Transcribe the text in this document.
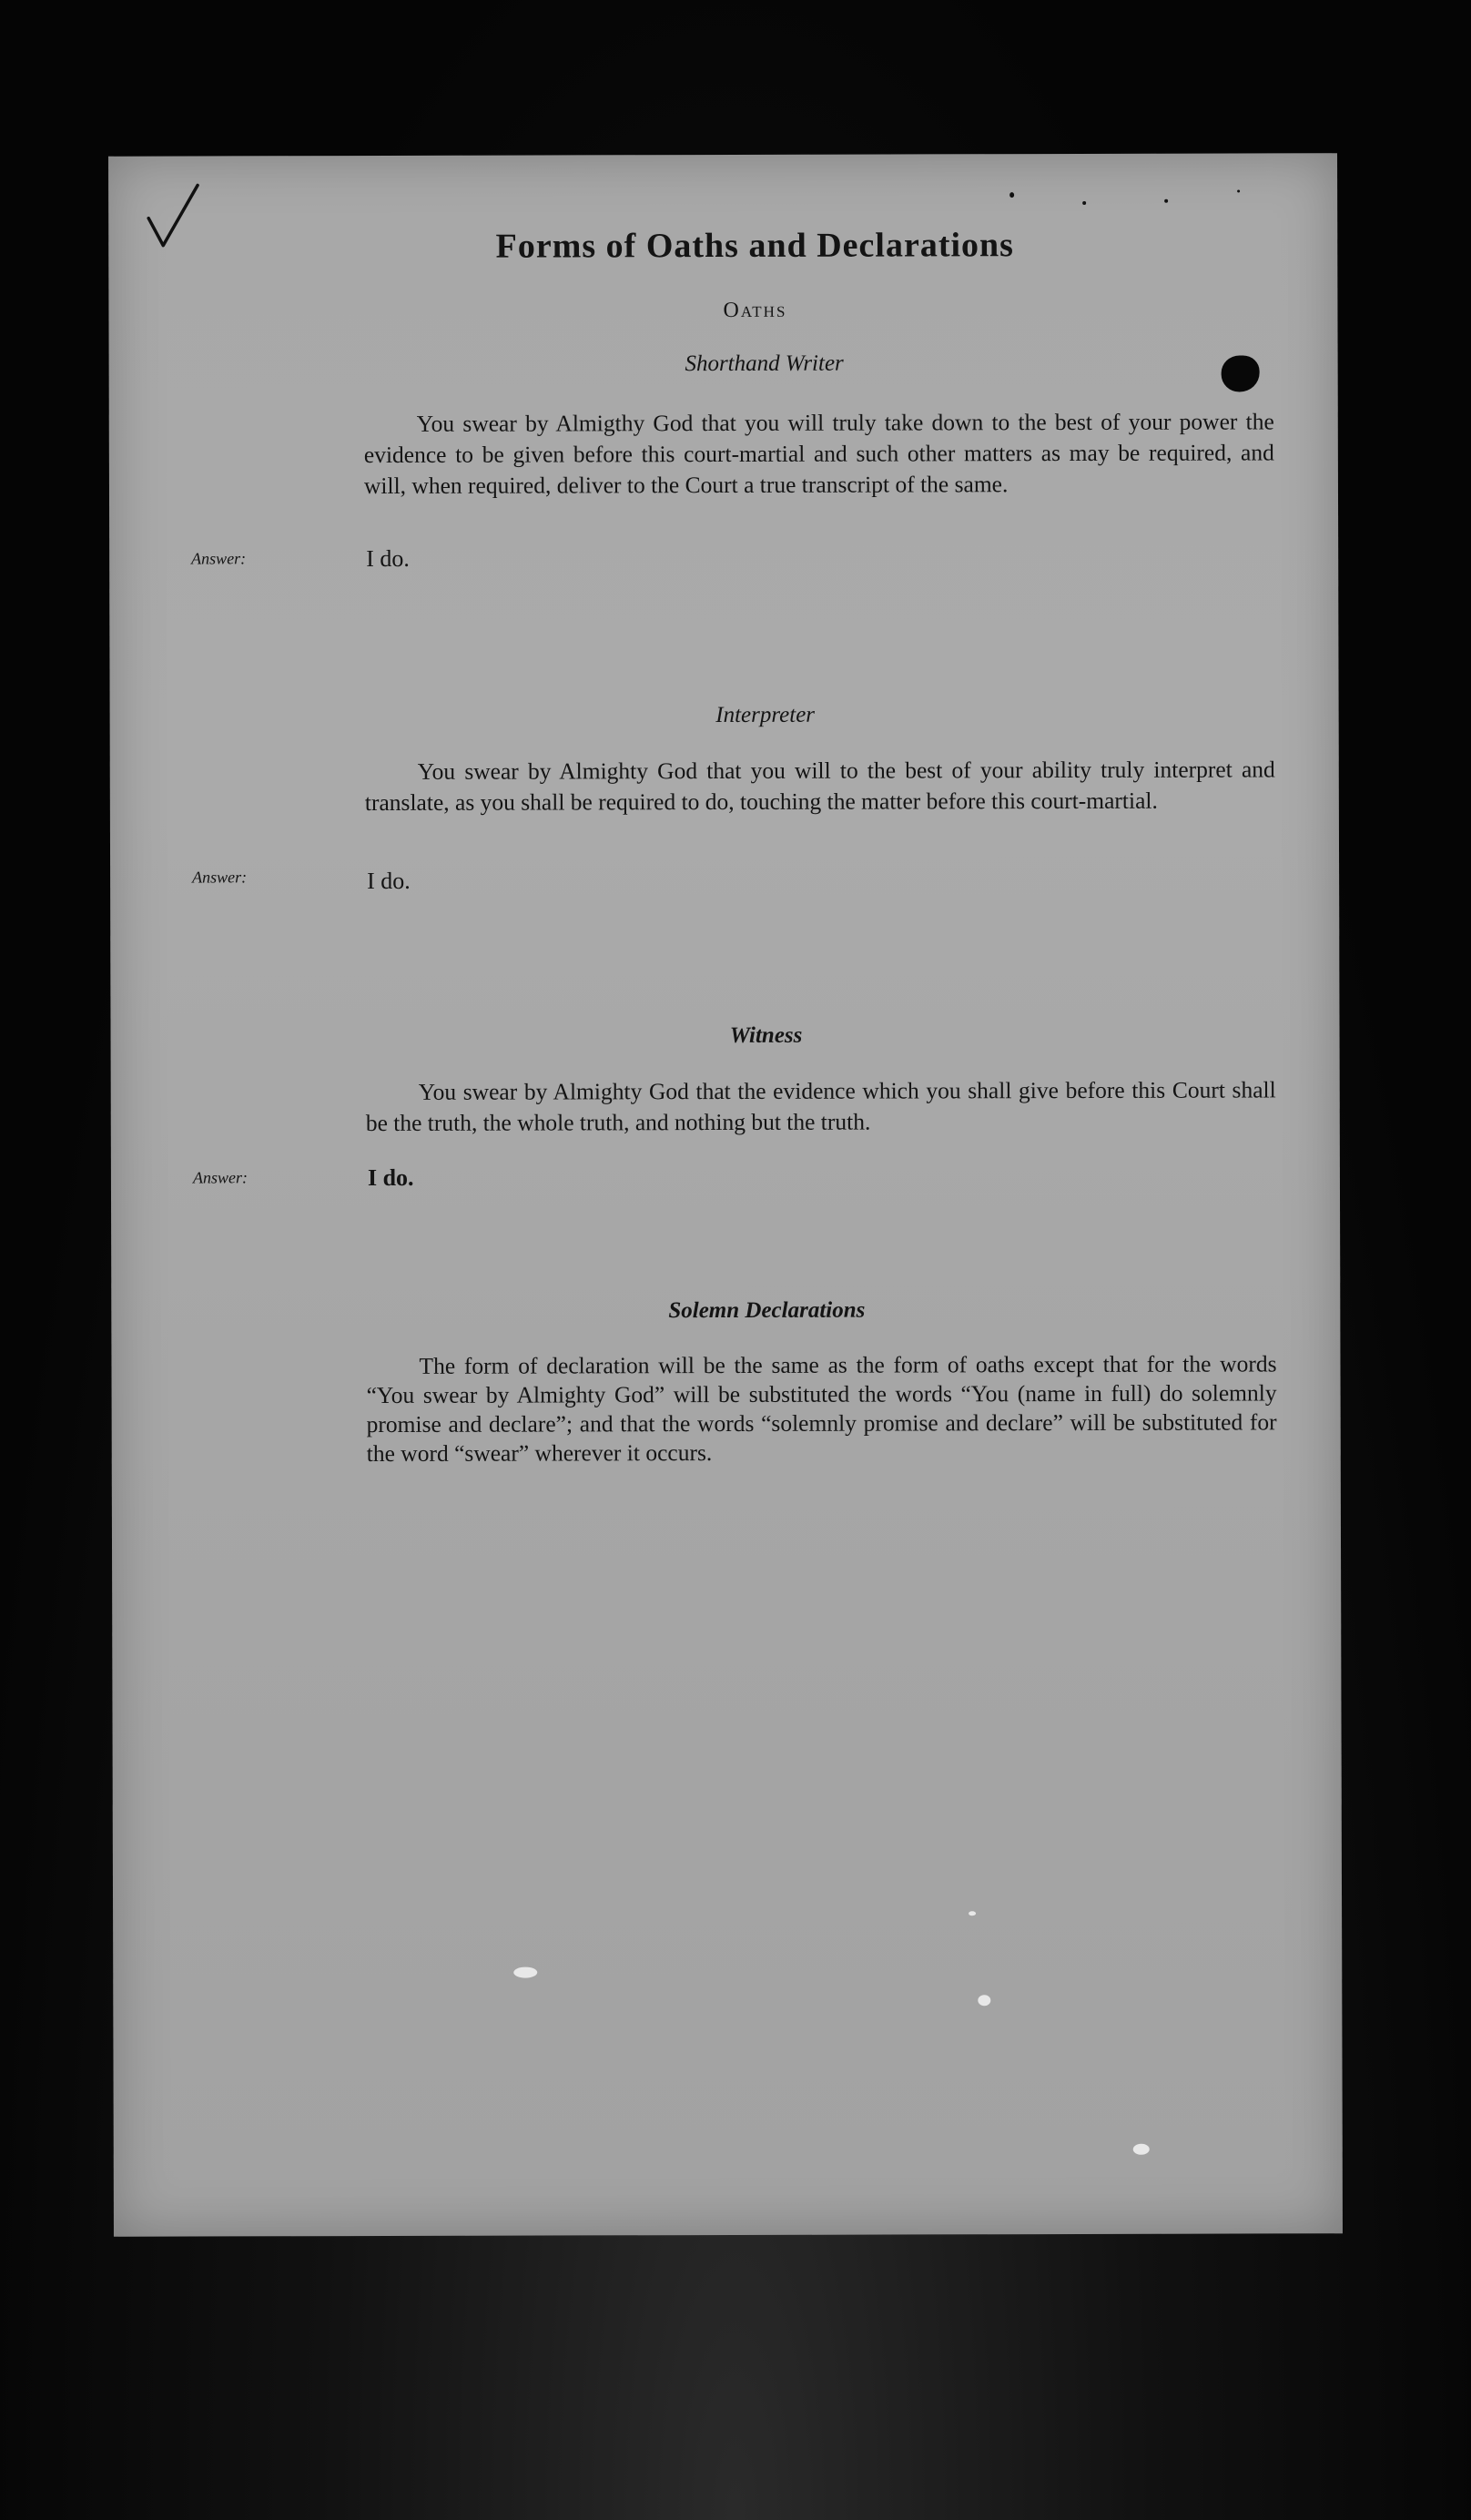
Forms of Oaths and Declarations
Oaths
Shorthand Writer
You swear by Almigthy God that you will truly take down to the best of your power the evidence to be given before this court-martial and such other matters as may be required, and will, when required, deliver to the Court a true transcript of the same.
Answer:	I do.
Interpreter
You swear by Almighty God that you will to the best of your ability truly interpret and translate, as you shall be required to do, touching the matter before this court-martial.
Answer:	I do.
Witness
You swear by Almighty God that the evidence which you shall give before this Court shall be the truth, the whole truth, and nothing but the truth.
Answer:	I do.
Solemn Declarations
The form of declaration will be the same as the form of oaths except that for the words “You swear by Almighty God” will be substituted the words “You (name in full) do solemnly promise and declare”; and that the words “solemnly promise and declare” will be substituted for the word “swear” wherever it occurs.
